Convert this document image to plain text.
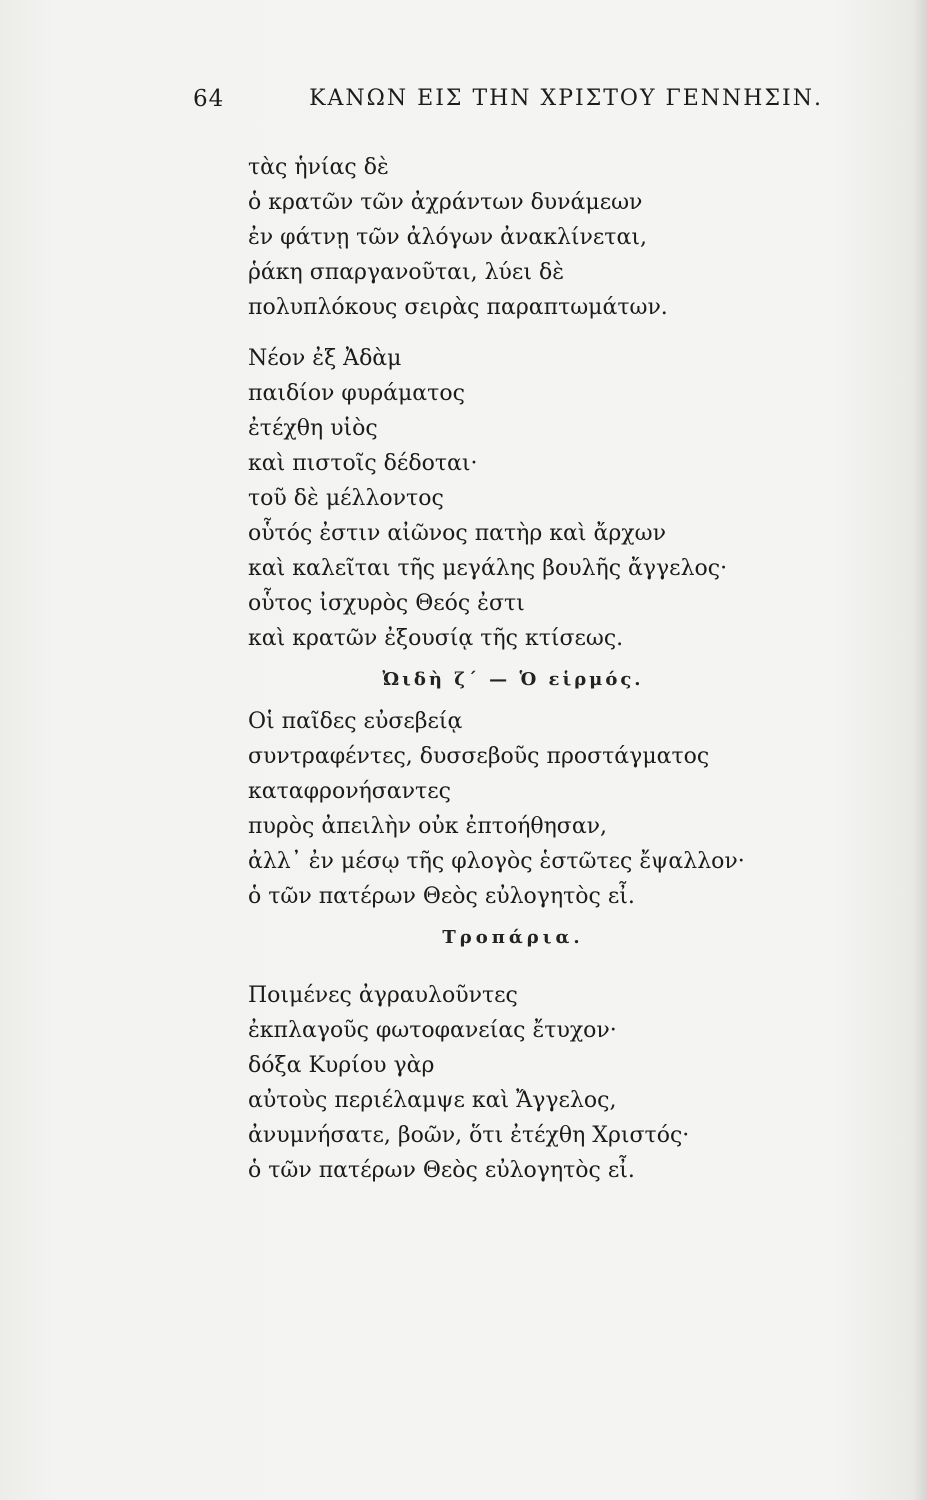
64	ΚΑΝΩΝ ΕΙΣ ΤΗΝ ΧΡΙΣΤΟΥ ΓΕΝΝΗΣΙΝ.
τὰς ἡνίας δὲ
ὁ κρατῶν τῶν ἀχράντων δυνάμεων
ἐν φάτνῃ τῶν ἀλόγων ἀνακλίνεται,
ῥάκη σπαργανοῦται, λύει δὲ
πολυπλόκους σειρὰς παραπτωμάτων.
Νέον ἐξ Ἀδὰμ
παιδίον φυράματος
ἐτέχθη υἱὸς
καὶ πιστοῖς δέδοται·
τοῦ δὲ μέλλοντος
οὗτός ἐστιν αἰῶνος πατὴρ καὶ ἄρχων
καὶ καλεῖται τῆς μεγάλης βουλῆς ἄγγελος·
οὗτος ἰσχυρὸς Θεός ἐστι
καὶ κρατῶν ἐξουσίᾳ τῆς κτίσεως.
Ὠιδὴ ζ΄ — Ὁ εἱρμός.
Οἱ παῖδες εὐσεβείᾳ
συντραφέντες, δυσσεβοῦς προστάγματος
καταφρονήσαντες
πυρὸς ἀπειλὴν οὐκ ἐπτοήθησαν,
ἀλλ᾽ ἐν μέσῳ τῆς φλογὸς ἑστῶτες ἔψαλλον·
ὁ τῶν πατέρων Θεὸς εὐλογητὸς εἶ.
Τροπάρια.
Ποιμένες ἀγραυλοῦντες
ἐκπλαγοῦς φωτοφανείας ἔτυχον·
δόξα Κυρίου γὰρ
αὐτοὺς περιέλαμψε καὶ Ἄγγελος,
ἀνυμνήσατε, βοῶν, ὅτι ἐτέχθη Χριστός·
ὁ τῶν πατέρων Θεὸς εὐλογητὸς εἶ.
